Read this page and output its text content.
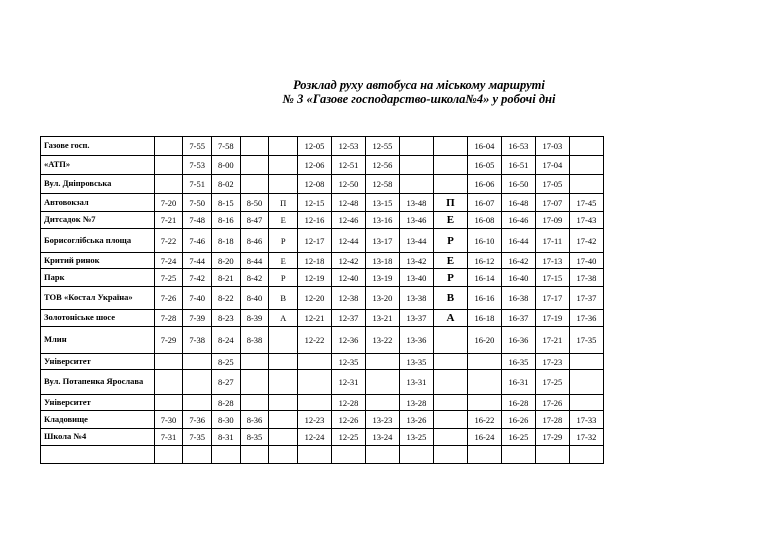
Розклад руху автобуса на міському маршруті
№ 3 «Газове господарство-школа№4» у робочі дні
Газове госп.		7-55	7-58			12-05	12-53	12-55			16-04	16-53	17-03	
«АТП»		7-53	8-00			12-06	12-51	12-56			16-05	16-51	17-04	
Вул. Дніпровська		7-51	8-02			12-08	12-50	12-58			16-06	16-50	17-05	
Автовокзал	7-20	7-50	8-15	8-50	П	12-15	12-48	13-15	13-48	П	16-07	16-48	17-07	17-45
Дитсадок №7	7-21	7-48	8-16	8-47	Е	12-16	12-46	13-16	13-46	Е	16-08	16-46	17-09	17-43
Борисоглібська площа	7-22	7-46	8-18	8-46	Р	12-17	12-44	13-17	13-44	Р	16-10	16-44	17-11	17-42
Критий ринок	7-24	7-44	8-20	8-44	Е	12-18	12-42	13-18	13-42	Е	16-12	16-42	17-13	17-40
Парк	7-25	7-42	8-21	8-42	Р	12-19	12-40	13-19	13-40	Р	16-14	16-40	17-15	17-38
ТОВ «Костал Україна»	7-26	7-40	8-22	8-40	В	12-20	12-38	13-20	13-38	В	16-16	16-38	17-17	17-37
Золотоніське шосе	7-28	7-39	8-23	8-39	А	12-21	12-37	13-21	13-37	А	16-18	16-37	17-19	17-36
Млин	7-29	7-38	8-24	8-38		12-22	12-36	13-22	13-36		16-20	16-36	17-21	17-35
Університет			8-25				12-35		13-35			16-35	17-23	
Вул. Потапенка Ярослава			8-27				12-31		13-31			16-31	17-25	
Університет			8-28				12-28		13-28			16-28	17-26	
Кладовище	7-30	7-36	8-30	8-36		12-23	12-26	13-23	13-26		16-22	16-26	17-28	17-33
Школа №4	7-31	7-35	8-31	8-35		12-24	12-25	13-24	13-25		16-24	16-25	17-29	17-32
